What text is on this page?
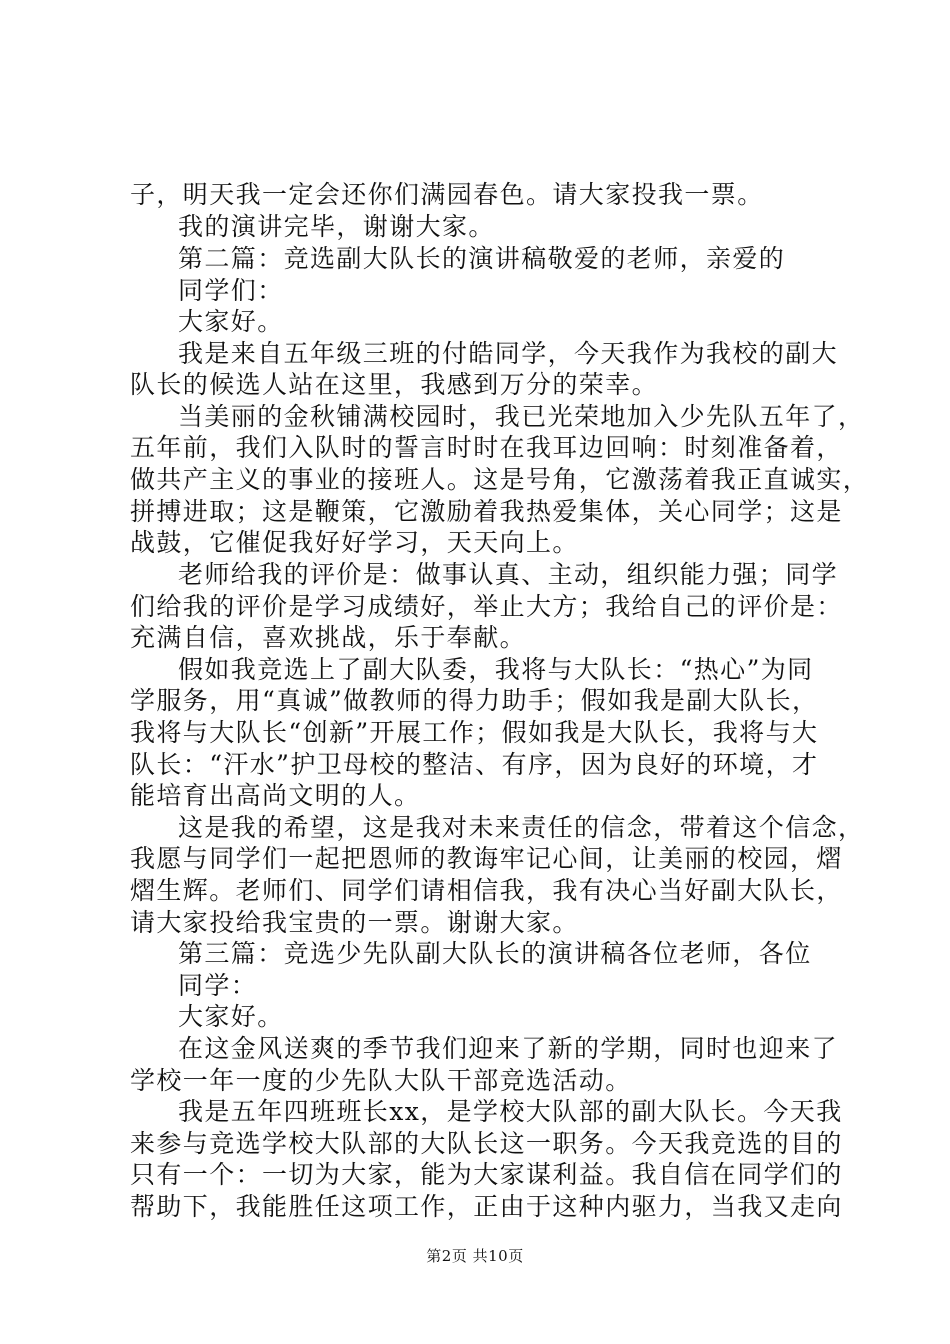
子，明天我一定会还你们满园春色。请大家投我一票。
我的演讲完毕，谢谢大家。
第二篇：竞选副大队长的演讲稿敬爱的老师，亲爱的
同学们：
大家好。
我是来自五年级三班的付皓同学，今天我作为我校的副大
队长的候选人站在这里，我感到万分的荣幸。
当美丽的金秋铺满校园时，我已光荣地加入少先队五年了，
五年前，我们入队时的誓言时时在我耳边回响：时刻准备着，
做共产主义的事业的接班人。这是号角，它激荡着我正直诚实，
拼搏进取；这是鞭策，它激励着我热爱集体，关心同学；这是
战鼓，它催促我好好学习，天天向上。
老师给我的评价是：做事认真、主动，组织能力强；同学
们给我的评价是学习成绩好，举止大方；我给自己的评价是：
充满自信，喜欢挑战，乐于奉献。
假如我竞选上了副大队委，我将与大队长：“热心”为同
学服务，用“真诚”做教师的得力助手；假如我是副大队长，
我将与大队长“创新”开展工作；假如我是大队长，我将与大
队长：“汗水”护卫母校的整洁、有序，因为良好的环境，才
能培育出高尚文明的人。
这是我的希望，这是我对未来责任的信念，带着这个信念，
我愿与同学们一起把恩师的教诲牢记心间，让美丽的校园，熠
熠生辉。老师们、同学们请相信我，我有决心当好副大队长，
请大家投给我宝贵的一票。谢谢大家。
第三篇：竞选少先队副大队长的演讲稿各位老师，各位
同学：
大家好。
在这金风送爽的季节我们迎来了新的学期，同时也迎来了
学校一年一度的少先队大队干部竞选活动。
我是五年四班班长xx，是学校大队部的副大队长。今天我
来参与竞选学校大队部的大队长这一职务。今天我竞选的目的
只有一个：一切为大家，能为大家谋利益。我自信在同学们的
帮助下，我能胜任这项工作，正由于这种内驱力，当我又走向
第2页 共10页
